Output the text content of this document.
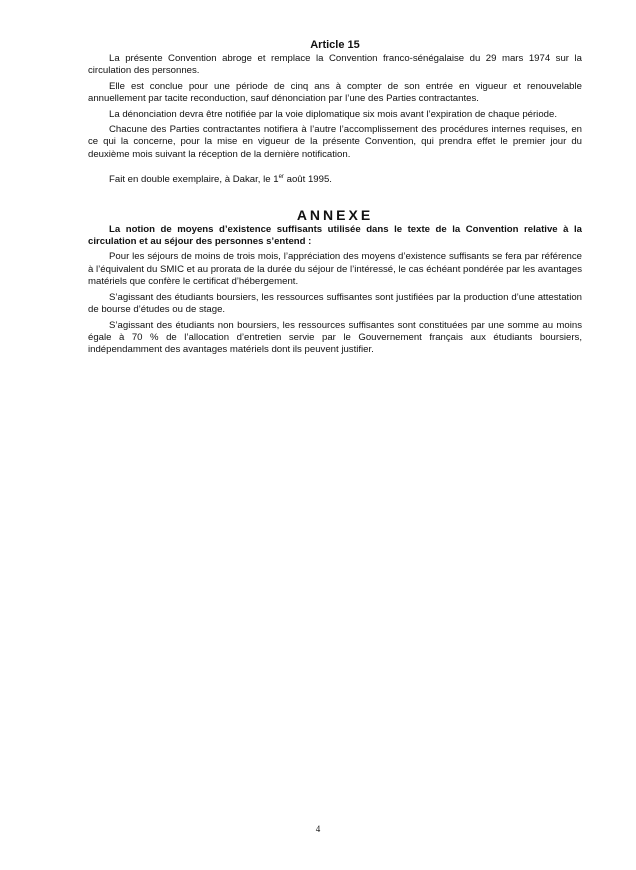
Article 15

La présente Convention abroge et remplace la Convention franco-sénégalaise du 29 mars 1974 sur la circulation des personnes.

Elle est conclue pour une période de cinq ans à compter de son entrée en vigueur et renouvelable annuellement par tacite reconduction, sauf dénonciation par l’une des Parties contractantes.

La dénonciation devra être notifiée par la voie diplomatique six mois avant l’expiration de chaque période.

Chacune des Parties contractantes notifiera à l’autre l’accomplissement des procédures internes requises, en ce qui la concerne, pour la mise en vigueur de la présente Convention, qui prendra effet le premier jour du deuxième mois suivant la réception de la dernière notification.

Fait en double exemplaire, à Dakar, le 1er août 1995.

ANNEXE

La notion de moyens d’existence suffisants utilisée dans le texte de la Convention relative à la circulation et au séjour des personnes s’entend :

Pour les séjours de moins de trois mois, l’appréciation des moyens d’existence suffisants se fera par référence à l’équivalent du SMIC et au prorata de la durée du séjour de l’intéressé, le cas échéant pondérée par les avantages matériels que confère le certificat d’hébergement.

S’agissant des étudiants boursiers, les ressources suffisantes sont justifiées par la production d’une attestation de bourse d’études ou de stage.

S’agissant des étudiants non boursiers, les ressources suffisantes sont constituées par une somme au moins égale à 70 % de l’allocation d’entretien servie par le Gouvernement français aux étudiants boursiers, indépendamment des avantages matériels dont ils peuvent justifier.

4
